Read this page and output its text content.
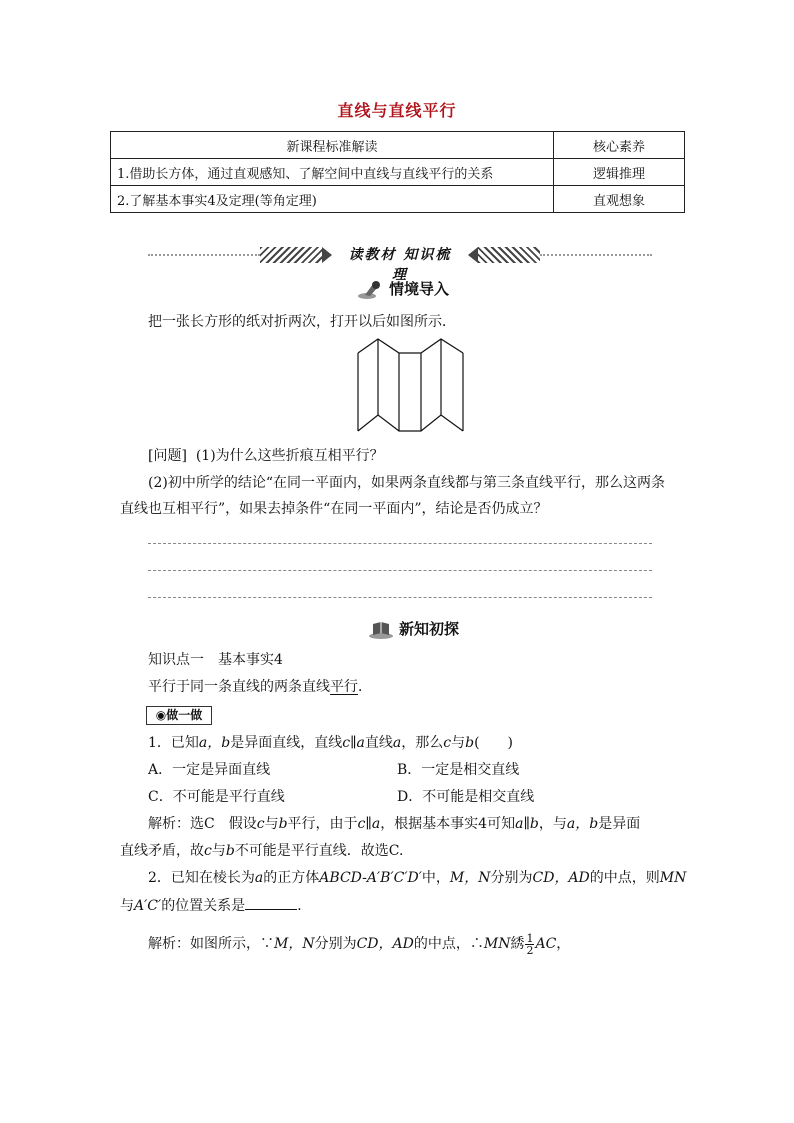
直线与直线平行
新课程标准解读	核心素养
1.借助长方体，通过直观感知、了解空间中直线与直线平行的关系	逻辑推理
2.了解基本事实4及定理(等角定理)	直观想象
读教材 知识梳理
情境导入
把一张长方形的纸对折两次，打开以后如图所示．
[问题] (1)为什么这些折痕互相平行？
(2)初中所学的结论“在同一平面内，如果两条直线都与第三条直线平行，那么这两条
直线也互相平行”，如果去掉条件“在同一平面内”，结论是否仍成立？
新知初探
知识点一　基本事实4
平行于同一条直线的两条直线平行．
◉做一做
1．已知a，b是异面直线，直线c∥a直线a，那么c与b(　　)
A．一定是异面直线	B．一定是相交直线
C．不可能是平行直线	D．不可能是相交直线
解析：选C　假设c与b平行，由于c∥a，根据基本事实4可知a∥b，与a，b是异面
直线矛盾，故c与b不可能是平行直线．故选C.
2．已知在棱长为a的正方体ABCD-A′B′C′D′中，M，N分别为CD，AD的中点，则MN
与A′C′的位置关系是	．
解析：如图所示，∵M，N分别为CD，AD的中点，∴MN綉 $\frac{1}{2}$ AC，
